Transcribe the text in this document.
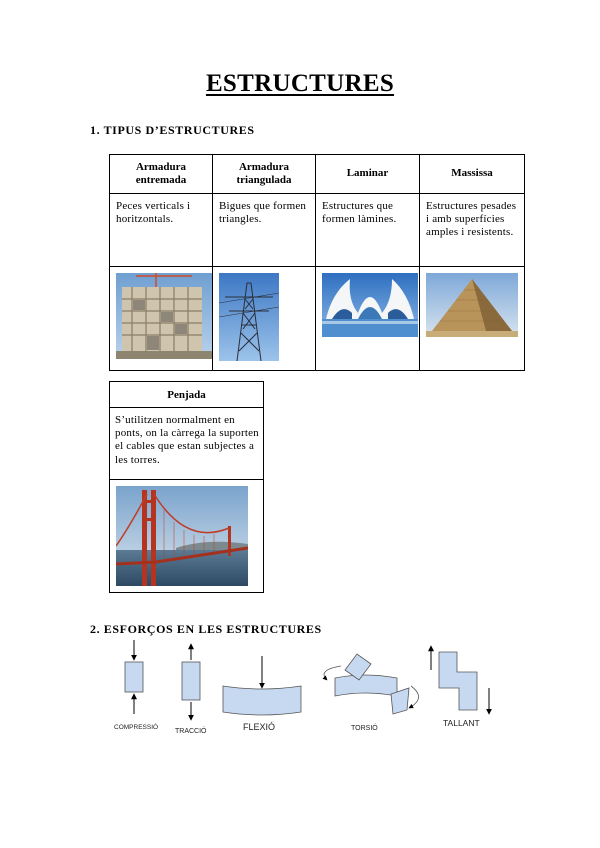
ESTRUCTURES
1. TIPUS D’ESTRUCTURES
Armadura entremada	Armadura triangulada	Laminar	Massissa
Peces verticals i horitzontals.	Bigues que formen triangles.	Estructures que formen làmines.	Estructures pesades i amb superfícies amples i resistents.

Penjada
S’utilitzen normalment en ponts, on la càrrega la suporten el cables que estan subjectes a les torres.

2. ESFORÇOS EN LES ESTRUCTURES
COMPRESSIÓ
TRACCIÓ	FLEXIÓ	TORSIÓ
TALLANT
